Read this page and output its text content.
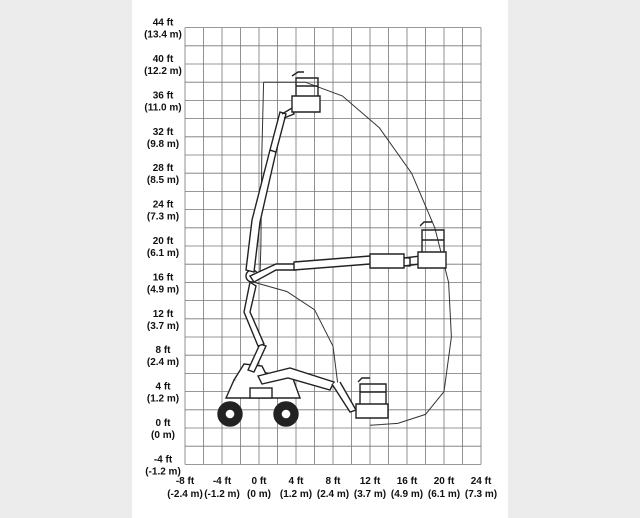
44 ft
(13.4 m)
40 ft
(12.2 m)
36 ft
(11.0 m)
32 ft
(9.8 m)
28 ft
(8.5 m)
24 ft
(7.3 m)
20 ft
(6.1 m)
16 ft
(4.9 m)
12 ft
(3.7 m)
8 ft
(2.4 m)
4 ft
(1.2 m)
0 ft
(0 m)
-4 ft
(-1.2 m)
-8 ft
(-2.4 m)
-4 ft
(-1.2 m)
0 ft
(0 m)
4 ft
(1.2 m)
8 ft
(2.4 m)
12 ft
(3.7 m)
16 ft
(4.9 m)
20 ft
(6.1 m)
24 ft
(7.3 m)
